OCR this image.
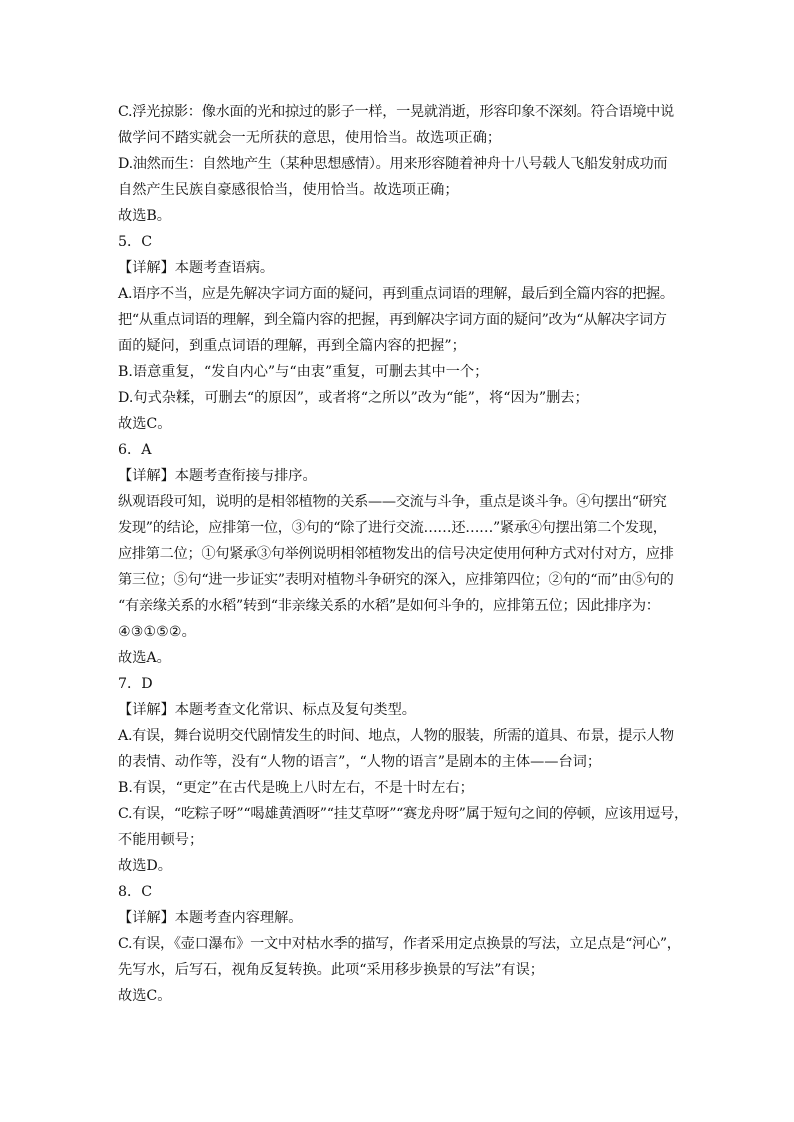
C.浮光掠影：像水面的光和掠过的影子一样，一晃就消逝，形容印象不深刻。符合语境中说
做学问不踏实就会一无所获的意思，使用恰当。故选项正确；
D.油然而生：自然地产生（某种思想感情）。用来形容随着神舟十八号载人飞船发射成功而
自然产生民族自豪感很恰当，使用恰当。故选项正确；
故选B。
5．C
【详解】本题考查语病。
A.语序不当，应是先解决字词方面的疑问，再到重点词语的理解，最后到全篇内容的把握。
把“从重点词语的理解，到全篇内容的把握，再到解决字词方面的疑问”改为“从解决字词方
面的疑问，到重点词语的理解，再到全篇内容的把握”；
B.语意重复，“发自内心”与“由衷”重复，可删去其中一个；
D.句式杂糅，可删去“的原因”，或者将“之所以”改为“能”，将“因为”删去；
故选C。
6．A
【详解】本题考查衔接与排序。
纵观语段可知，说明的是相邻植物的关系——交流与斗争，重点是谈斗争。④句摆出“研究
发现”的结论，应排第一位，③句的“除了进行交流……还……”紧承④句摆出第二个发现，
应排第二位；①句紧承③句举例说明相邻植物发出的信号决定使用何种方式对付对方，应排
第三位；⑤句“进一步证实”表明对植物斗争研究的深入，应排第四位；②句的“而”由⑤句的
“有亲缘关系的水稻”转到“非亲缘关系的水稻”是如何斗争的，应排第五位；因此排序为：
④③①⑤②。
故选A。
7．D
【详解】本题考查文化常识、标点及复句类型。
A.有误，舞台说明交代剧情发生的时间、地点，人物的服装，所需的道具、布景，提示人物
的表情、动作等，没有“人物的语言”，“人物的语言”是剧本的主体——台词；
B.有误，“更定”在古代是晚上八时左右，不是十时左右；
C.有误，“吃粽子呀”“喝雄黄酒呀”“挂艾草呀”“赛龙舟呀”属于短句之间的停顿，应该用逗号，
不能用顿号；
故选D。
8．C
【详解】本题考查内容理解。
C.有误，《壶口瀑布》一文中对枯水季的描写，作者采用定点换景的写法，立足点是“河心”，
先写水，后写石，视角反复转换。此项“采用移步换景的写法”有误；
故选C。
